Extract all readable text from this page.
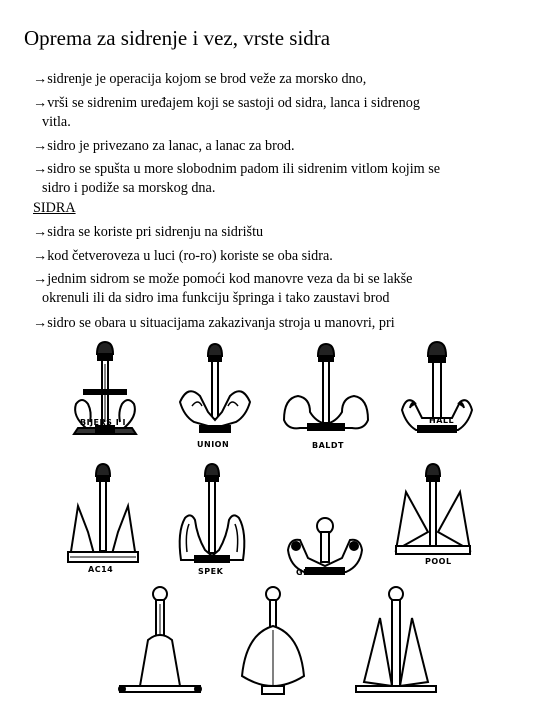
Oprema za sidrenje i vez, vrste sidra
→sidrenje je operacija kojom se brod veže za morsko dno,
→vrši se sidrenim uređajem koji se sastoji od sidra, lanca i sidrenog
vitla.
→sidro je privezano za lanac, a lanac za brod.
→sidro se spušta u more slobodnim padom ili sidrenim vitlom kojim se
sidro i podiže sa morskog dna.
SIDRA
→sidra se koriste pri sidrenju na sidrištu
→kod četveroveza u luci (ro-ro) koriste se oba sidra.
→jednim sidrom se može pomoći kod manovre veza da bi se lakše
okrenuli ili da sidro ima funkciju špringa i tako zaustavi brod
→sidro se obara u situacijama zakazivanja stroja u manovri, pri
BIJERS I I
UNION	BALDT
HALL
AC14	SPEK	GRUSON
POOL
